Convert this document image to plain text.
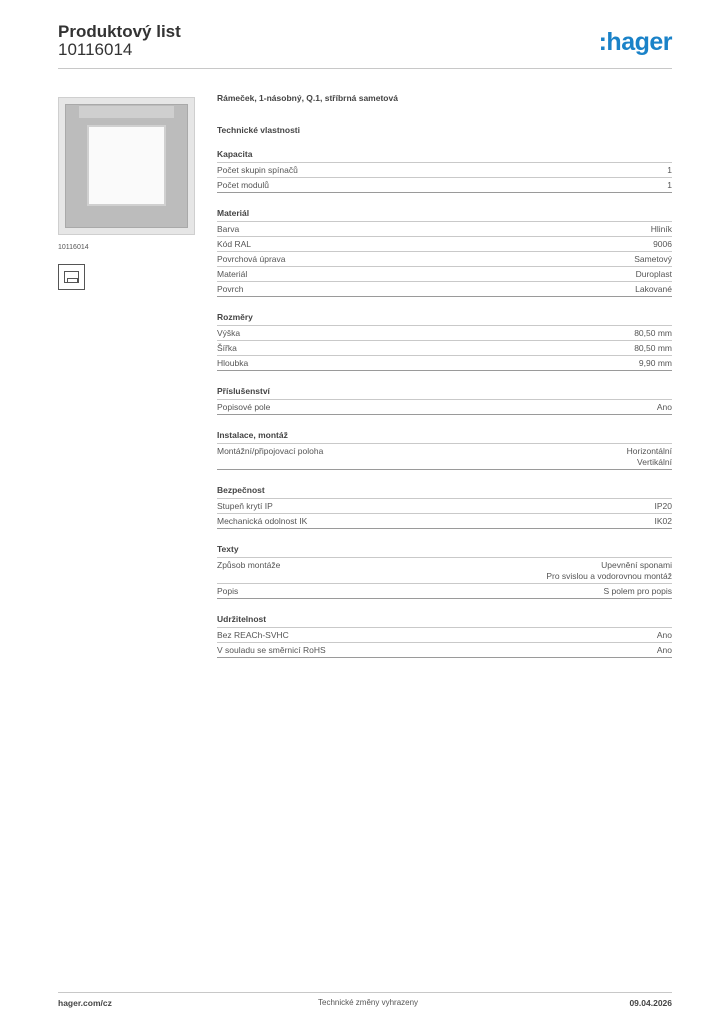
Produktový list
10116014	:hager
10116014
Rámeček, 1-násobný, Q.1, stříbrná sametová
Technické vlastnosti
Kapacita
Počet skupin spínačů	1
Počet modulů	1
Materiál
Barva	Hliník
Kód RAL	9006
Povrchová úprava	Sametový
Materiál	Duroplast
Povrch	Lakované
Rozměry
Výška	80,50 mm
Šířka	80,50 mm
Hloubka	9,90 mm
Příslušenství
Popisové pole	Ano
Instalace, montáž
Montážní/připojovací poloha	Horizontální
Vertikální
Bezpečnost
Stupeň krytí IP	IP20
Mechanická odolnost IK	IK02
Texty
Způsob montáže	Upevnění sponami
Pro svislou a vodorovnou montáž
Popis	S polem pro popis
Udržitelnost
Bez REACh-SVHC	Ano
V souladu se směrnicí RoHS	Ano
hager.com/cz	Technické změny vyhrazeny	09.04.2026
